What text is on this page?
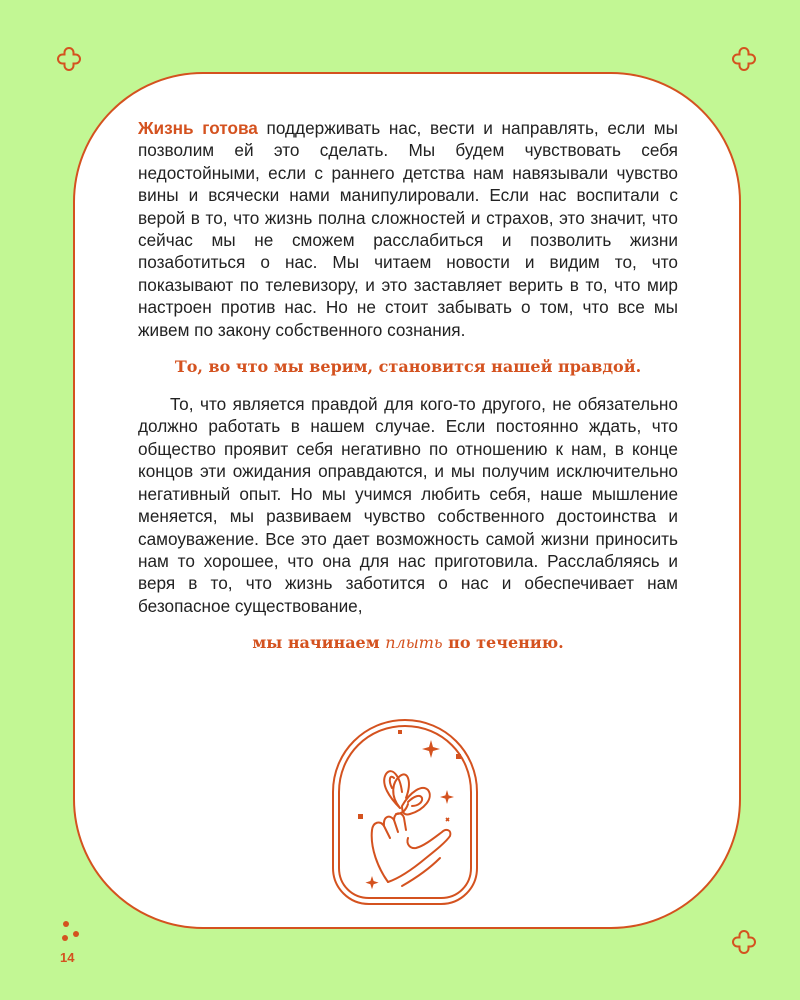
Жизнь готова поддерживать нас, вести и направлять, если мы позволим ей это сделать. Мы будем чувствовать себя недостойными, если с раннего детства нам навязывали чувство вины и всячески нами манипулировали. Если нас воспитали с верой в то, что жизнь полна сложностей и страхов, это значит, что сейчас мы не сможем расслабиться и позволить жизни позаботиться о нас. Мы читаем новости и видим то, что показывают по телевизору, и это заставляет верить в то, что мир настроен против нас. Но не стоит забывать о том, что все мы живем по закону собственного сознания.

То, во что мы верим, становится нашей правдой.

То, что является правдой для кого-то другого, не обязательно должно работать в нашем случае. Если постоянно ждать, что общество проявит себя негативно по отношению к нам, в конце концов эти ожидания оправдаются, и мы получим исключительно негативный опыт. Но мы учимся любить себя, наше мышление меняется, мы развиваем чувство собственного достоинства и самоуважение. Все это дает возможность самой жизни приносить нам то хорошее, что она для нас приготовила. Расслабляясь и веря в то, что жизнь заботится о нас и обеспечивает нам безопасное существование,

мы начинаем плыть по течению.

14
